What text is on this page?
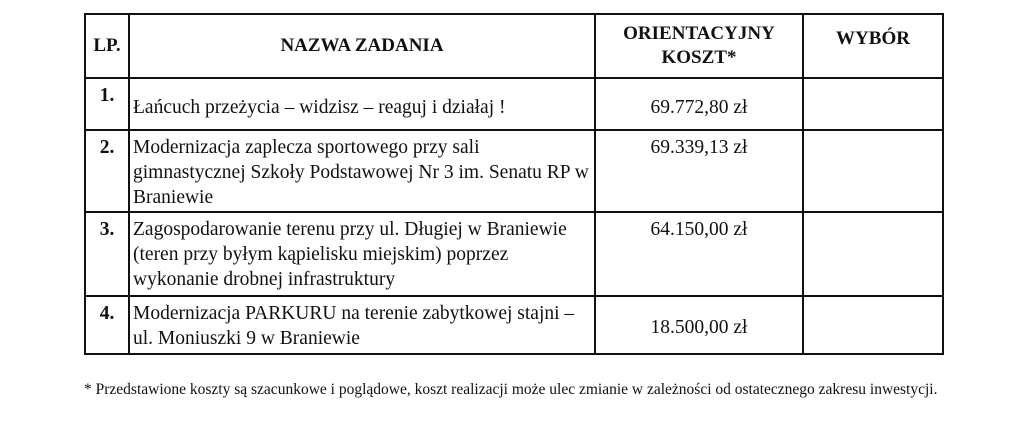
LP.	NAZWA ZADANIA	ORIENTACYJNY KOSZT*	WYBÓR
1.	Łańcuch przeżycia – widzisz – reaguj i działaj !	69.772,80 zł	
2.	Modernizacja zaplecza sportowego przy sali gimnastycznej Szkoły Podstawowej Nr 3 im. Senatu RP w Braniewie	69.339,13 zł	
3.	Zagospodarowanie terenu przy ul. Długiej w Braniewie (teren przy byłym kąpielisku miejskim) poprzez wykonanie drobnej infrastruktury	64.150,00 zł	
4.	Modernizacja PARKURU na terenie zabytkowej stajni – ul. Moniuszki 9 w Braniewie	18.500,00 zł	
* Przedstawione koszty są szacunkowe i poglądowe, koszt realizacji może ulec zmianie w zależności od ostatecznego zakresu inwestycji.
